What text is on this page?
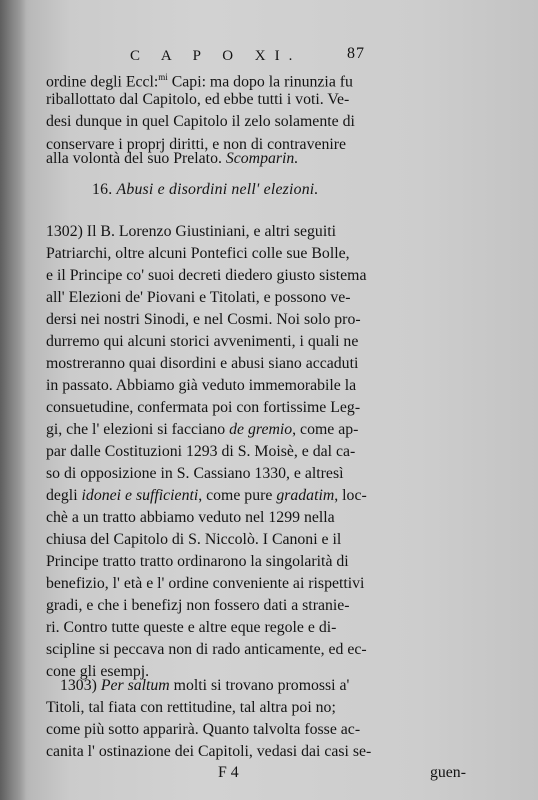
C A P O XI.	87
ordine degli Eccl:$^{mi}$ Capi: ma dopo la rinunzia fu
riballottato dal Capitolo, ed ebbe tutti i voti. Ve-
desi dunque in quel Capitolo il zelo solamente di
conservare i proprj diritti, e non di contravenire
alla volontà del suo Prelato. Scomparin.
16. Abusi e disordini nell' elezioni.
1302) Il B. Lorenzo Giustiniani, e altri seguiti
Patriarchi, oltre alcuni Pontefici colle sue Bolle,
e il Principe co' suoi decreti diedero giusto sistema
all' Elezioni de' Piovani e Titolati, e possono ve-
dersi nei nostri Sinodi, e nel Cosmi. Noi solo pro-
durremo qui alcuni storici avvenimenti, i quali ne
mostreranno quai disordini e abusi siano accaduti
in passato. Abbiamo già veduto immemorabile la
consuetudine, confermata poi con fortissime Leg-
gi, che l' elezioni si facciano de gremio, come ap-
par dalle Costituzioni 1293 di S. Moisè, e dal ca-
so di opposizione in S. Cassiano 1330, e altresì
degli idonei e sufficienti, come pure gradatim, loc-
chè a un tratto abbiamo veduto nel 1299 nella
chiusa del Capitolo di S. Niccolò. I Canoni e il
Principe tratto tratto ordinarono la singolarità di
benefizio, l' età e l' ordine conveniente ai rispettivi
gradi, e che i benefizj non fossero dati a stranie-
ri. Contro tutte queste e altre eque regole e di-
scipline si peccava non di rado anticamente, ed ec-
cone gli esempj.
1303) Per saltum molti si trovano promossi a'
Titoli, tal fiata con rettitudine, tal altra poi no;
come più sotto apparirà. Quanto talvolta fosse ac-
canita l' ostinazione dei Capitoli, vedasi dai casi se-
F 4	guen-
